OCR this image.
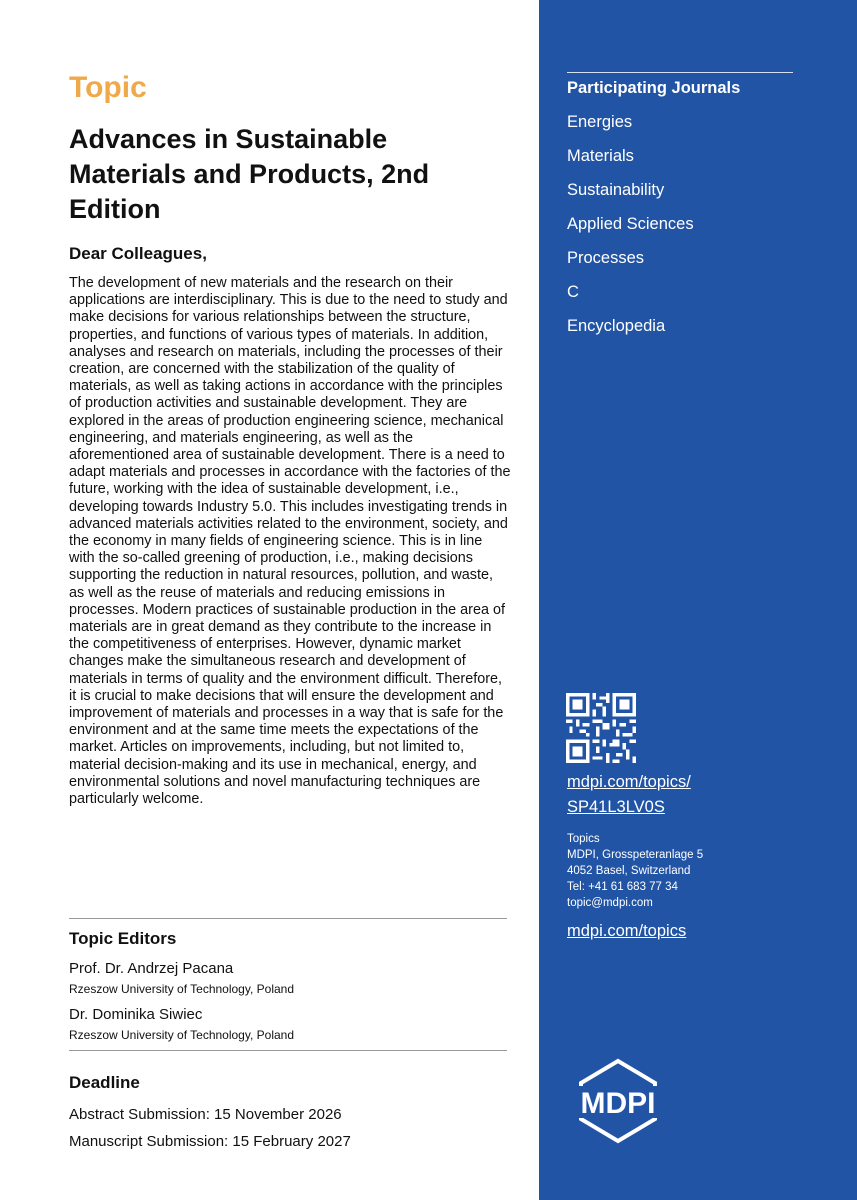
Topic

Advances in Sustainable Materials and Products, 2nd Edition

Dear Colleagues,

The development of new materials and the research on their applications are interdisciplinary. This is due to the need to study and make decisions for various relationships between the structure, properties, and functions of various types of materials. In addition, analyses and research on materials, including the processes of their creation, are concerned with the stabilization of the quality of materials, as well as taking actions in accordance with the principles of production activities and sustainable development. They are explored in the areas of production engineering science, mechanical engineering, and materials engineering, as well as the aforementioned area of sustainable development. There is a need to adapt materials and processes in accordance with the factories of the future, working with the idea of sustainable development, i.e., developing towards Industry 5.0. This includes investigating trends in advanced materials activities related to the environment, society, and the economy in many fields of engineering science. This is in line with the so-called greening of production, i.e., making decisions supporting the reduction in natural resources, pollution, and waste, as well as the reuse of materials and reducing emissions in processes. Modern practices of sustainable production in the area of materials are in great demand as they contribute to the increase in the competitiveness of enterprises. However, dynamic market changes make the simultaneous research and development of materials in terms of quality and the environment difficult. Therefore, it is crucial to make decisions that will ensure the development and improvement of materials and processes in a way that is safe for the environment and at the same time meets the expectations of the market. Articles on improvements, including, but not limited to, material decision-making and its use in mechanical, energy, and environmental solutions and novel manufacturing techniques are particularly welcome.

Topic Editors

Prof. Dr. Andrzej Pacana

Rzeszow University of Technology, Poland

Dr. Dominika Siwiec

Rzeszow University of Technology, Poland

Deadline

Abstract Submission: 15 November 2026

Manuscript Submission: 15 February 2027

Participating Journals

Energies

Materials

Sustainability

Applied Sciences

Processes

C

Encyclopedia

mdpi.com/topics/

SP41L3LV0S

Topics
MDPI, Grosspeteranlage 5
4052 Basel, Switzerland
Tel: +41 61 683 77 34
topic@mdpi.com

mdpi.com/topics

MDPI
